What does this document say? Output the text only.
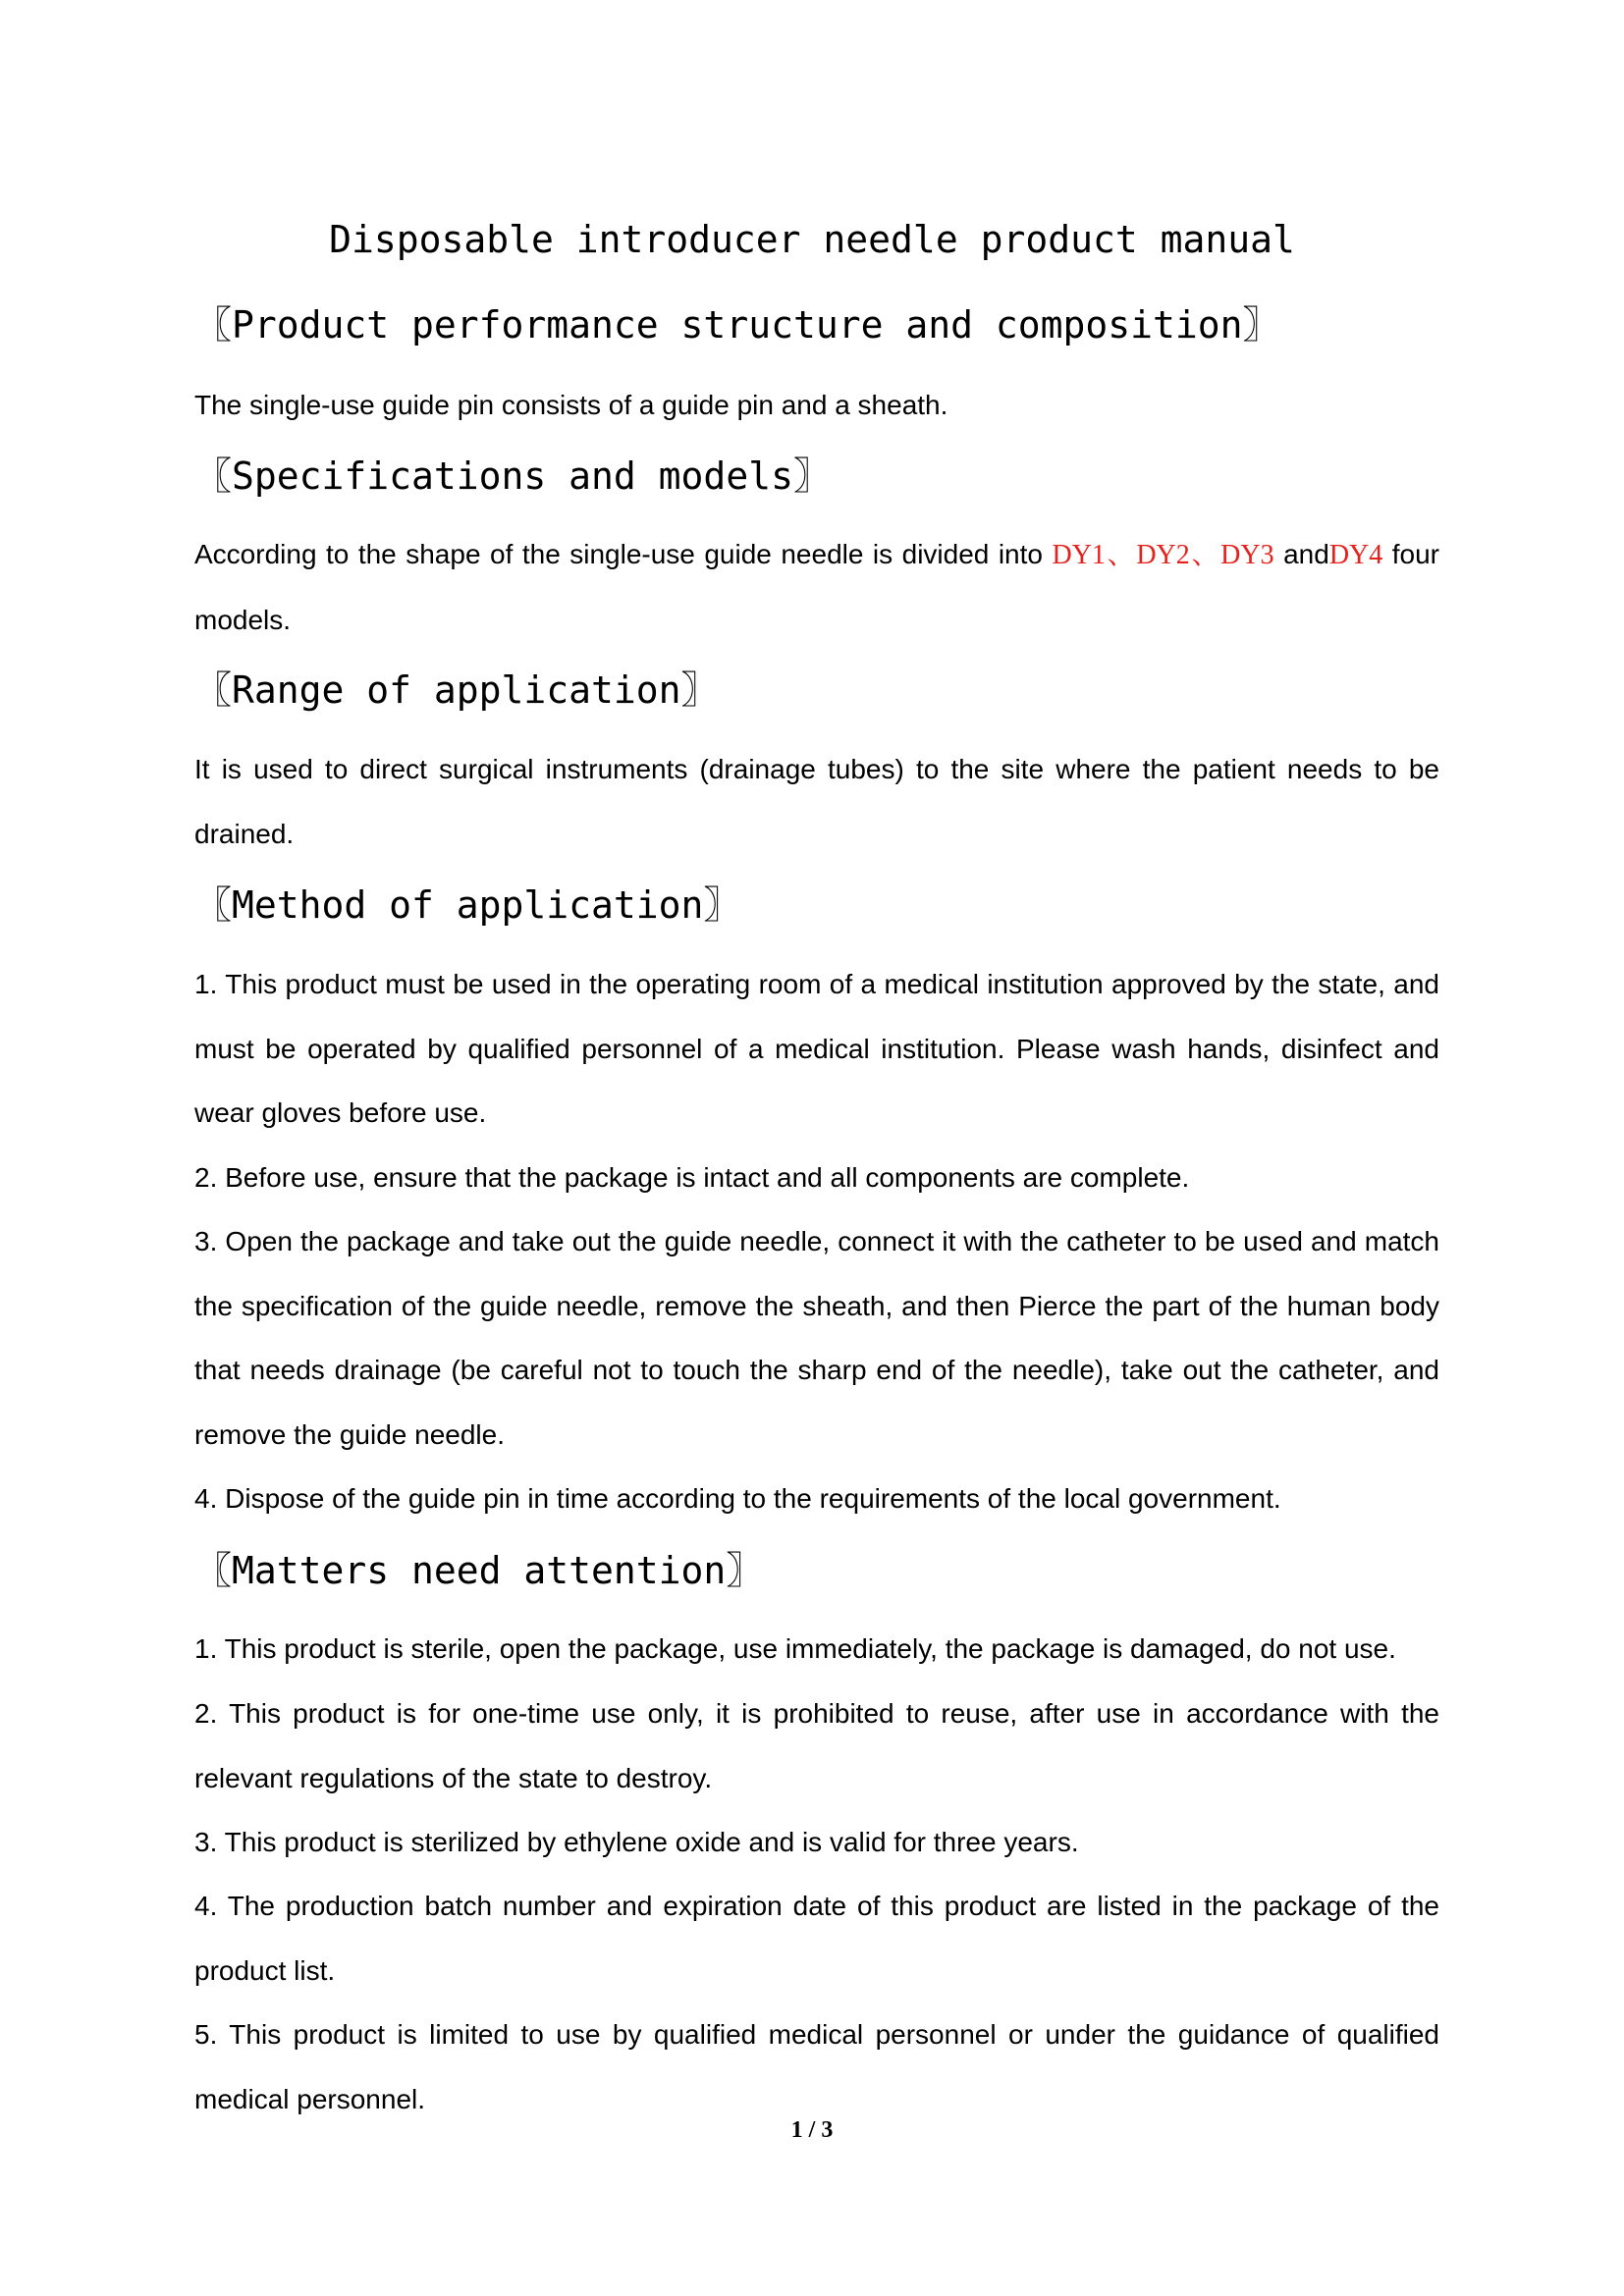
Disposable introducer needle product manual
〖Product performance structure and composition〗

The single-use guide pin consists of a guide pin and a sheath.

〖Specifications and models〗

According to the shape of the single-use guide needle is divided into DY1、DY2、DY3 andDY4 four models.

〖Range of application〗

It is used to direct surgical instruments (drainage tubes) to the site where the patient needs to be drained.

〖Method of application〗

1. This product must be used in the operating room of a medical institution approved by the state, and must be operated by qualified personnel of a medical institution. Please wash hands, disinfect and wear gloves before use.

2. Before use, ensure that the package is intact and all components are complete.

3. Open the package and take out the guide needle, connect it with the catheter to be used and match the specification of the guide needle, remove the sheath, and then Pierce the part of the human body that needs drainage (be careful not to touch the sharp end of the needle), take out the catheter, and remove the guide needle.

4. Dispose of the guide pin in time according to the requirements of the local government.

〖Matters need attention〗

1. This product is sterile, open the package, use immediately, the package is damaged, do not use.

2. This product is for one-time use only, it is prohibited to reuse, after use in accordance with the relevant regulations of the state to destroy.

3. This product is sterilized by ethylene oxide and is valid for three years.

4. The production batch number and expiration date of this product are listed in the package of the product list.

5. This product is limited to use by qualified medical personnel or under the guidance of qualified medical personnel.

1 / 3
